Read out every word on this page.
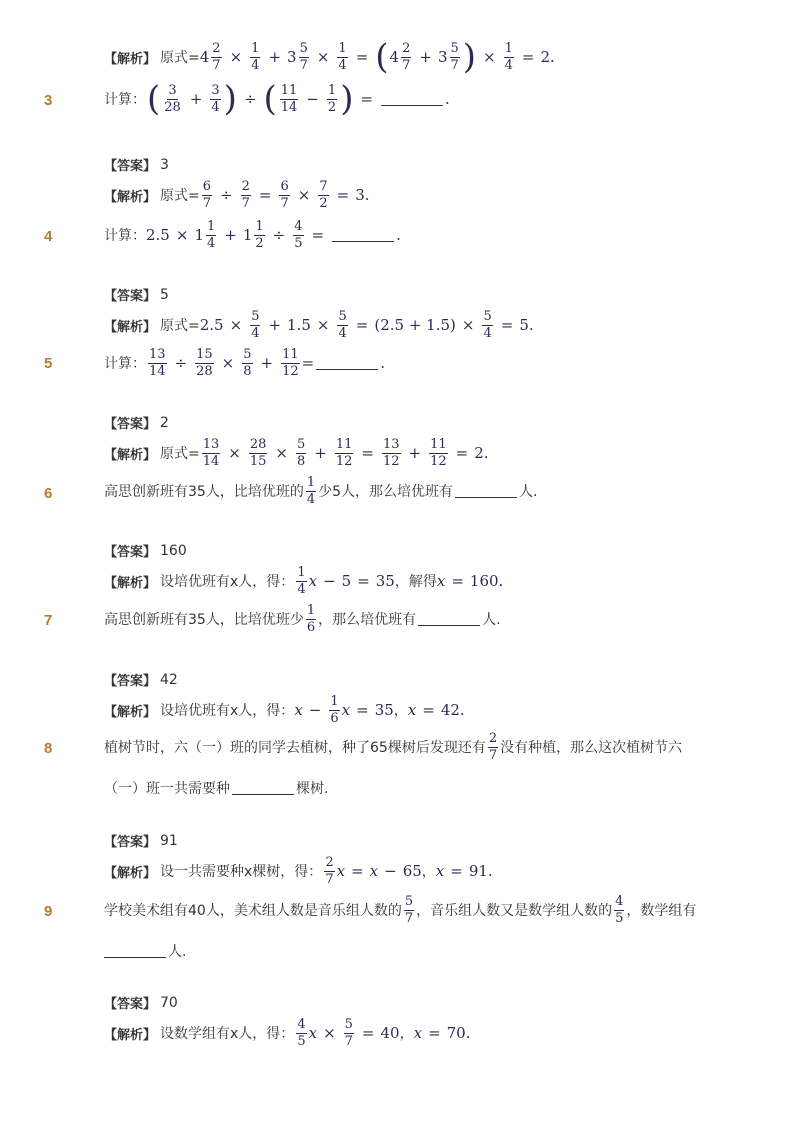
【解析】 原式= $4 \frac{2}{7} \times \frac{1}{4} + 3 \frac{5}{7} \times \frac{1}{4}$ = ( $4 \frac{2}{7} + 3 \frac{5}{7}$ ) × $\frac{1}{4} = 2$ .
3	计算： ( $\frac{3}{28} + \frac{3}{4}$ ) ÷ ( $\frac{11}{14} - \frac{1}{2}$ ) =	.
【答案】 3
【解析】 原式= $\frac{6}{7} \div \frac{2}{7} = \frac{6}{7} \times \frac{7}{2} = 3$ .
4	计算： $2.5 \times 1 \frac{1}{4} + 1 \frac{1}{2} \div \frac{4}{5}$ =	.
【答案】 5
【解析】 原式= $2.5 \times \frac{5}{4} + 1.5 \times \frac{5}{4} = (2.5 + 1.5) \times \frac{5}{4} = 5$ .
5	计算： $\frac{13}{14} \div \frac{15}{28} \times \frac{5}{8} + \frac{11}{12}$ =	.
【答案】 2
【解析】 原式= $\frac{13}{14} \times \frac{28}{15} \times \frac{5}{8} + \frac{11}{12} = \frac{13}{12} + \frac{11}{12} = 2$ .
6	高思创新班有35人，比培优班的 $\frac{1}{4}$ 少5人，那么培优班有	人.
【答案】 160
【解析】 设培优班有x人，得： $\frac{1}{4}$ x − 5 = 35 ，解得 x = 160 .
7	高思创新班有35人，比培优班少 $\frac{1}{6}$ ，那么培优班有	人.
【答案】 42
【解析】 设培优班有x人，得： $x - \frac{1}{6}$ x = 35 ， x = 42 .
8	植树节时，六（一）班的同学去植树，种了65棵树后发现还有 $\frac{2}{7}$ 没有种植，那么这次植树节六
（一）班一共需要种	棵树.
【答案】 91
【解析】 设一共需要种x棵树，得： $\frac{2}{7}$ x = x − 65 ， x = 91 .
9	学校美术组有40人，美术组人数是音乐组人数的 $\frac{5}{7}$ ，音乐组人数又是数学组人数的 $\frac{4}{5}$ ，数学组有
人.
【答案】 70
【解析】 设数学组有x人，得： $\frac{4}{5}$ $x \times \frac{5}{7} = 40$ ， x = 70 .
